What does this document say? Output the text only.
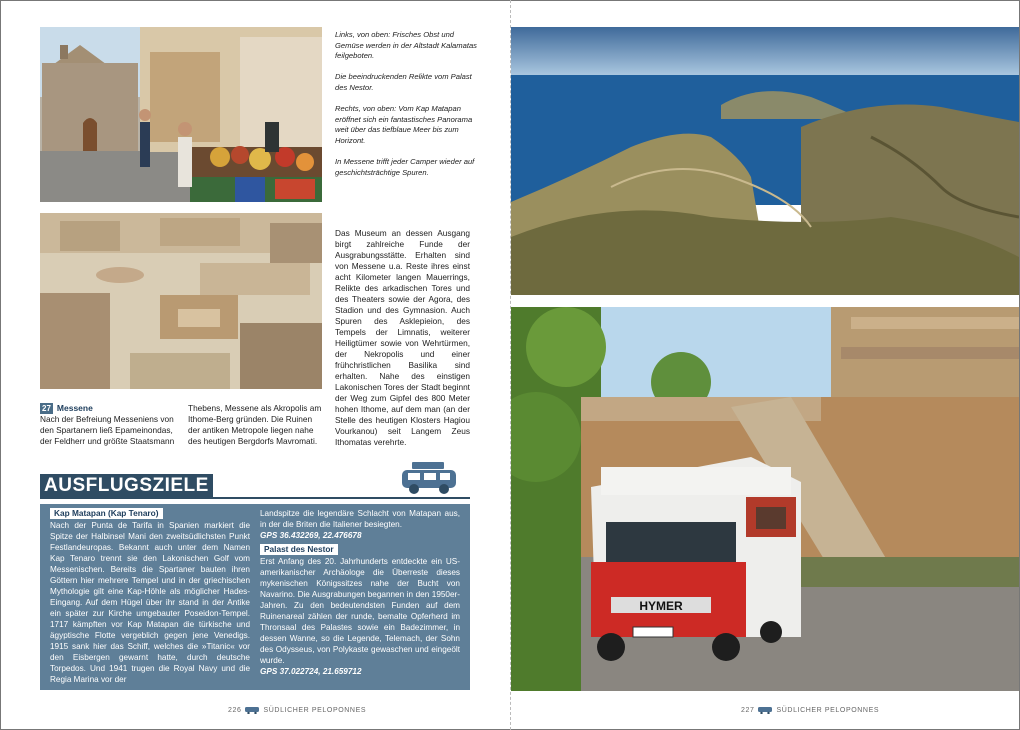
Links, von oben: Frisches Obst und Gemüse werden in der Altstadt Kalamatas feilgeboten.

Die beeindruckenden Relikte vom Palast des Nestor.

Rechts, von oben: Vom Kap Matapan eröffnet sich ein fantastisches Panorama weit über das tiefblaue Meer bis zum Horizont.

In Messene trifft jeder Camper wieder auf geschichtsträchtige Spuren.

27 Messene
Nach der Befreiung Messeniens von den Spartanern ließ Epameinondas, der Feldherr und größte Staatsmann
Thebens, Messene als Akropolis am Ithome-Berg gründen. Die Ruinen der antiken Metropole liegen nahe des heutigen Bergdorfs Mavromati.
Das Museum an dessen Ausgang birgt zahlreiche Funde der Ausgrabungsstätte. Erhalten sind von Messene u.a. Reste ihres einst acht Kilometer langen Mauerrings, Relikte des arkadischen Tores und des Theaters sowie der Agora, des Stadion und des Gymnasion. Auch Spuren des Asklepieion, des Tempels der Limnatis, weiterer Heiligtümer sowie von Wehrtürmen, der Nekropolis und einer frühchristlichen Basilika sind erhalten. Nahe des einstigen Lakonischen Tores der Stadt beginnt der Weg zum Gipfel des 800 Meter hohen Ithome, auf dem man (an der Stelle des heutigen Klosters Hagiou Vourkanou) seit Langem Zeus Ithomatas verehrte.
AUSFLUGSZIELE
Kap Matapan (Kap Tenaro)
Nach der Punta de Tarifa in Spanien markiert die Spitze der Halbinsel Mani den zweitsüdlichsten Punkt Festlandeuropas. Bekannt auch unter dem Namen Kap Tenaro trennt sie den Lakonischen Golf vom Messenischen. Bereits die Spartaner bauten ihren Göttern hier mehrere Tempel und in der griechischen Mythologie gilt eine Kap-Höhle als möglicher Hades-Eingang. Auf dem Hügel über ihr stand in der Antike ein später zur Kirche umgebauter Poseidon-Tempel. 1717 kämpften vor Kap Matapan die türkische und ägyptische Flotte vergeblich gegen jene Venedigs. 1915 sank hier das Schiff, welches die »Titanic« vor den Eisbergen gewarnt hatte, durch deutsche Torpedos. Und 1941 trugen die Royal Navy und die Regia Marina vor der
Landspitze die legendäre Schlacht von Matapan aus, in der die Briten die Italiener besiegten.
GPS 36.432269, 22.476678
Palast des Nestor
Erst Anfang des 20. Jahrhunderts entdeckte ein US-amerikanischer Archäologe die Überreste dieses mykenischen Königssitzes nahe der Bucht von Navarino. Die Ausgrabungen begannen in den 1950er-Jahren. Zu den bedeutendsten Funden auf dem Ruinenareal zählen der runde, bemalte Opferherd im Thronsaal des Palastes sowie ein Badezimmer, in dessen Wanne, so die Legende, Telemach, der Sohn des Odysseus, von Polykaste gewaschen und eingeölt wurde.
GPS 37.022724, 21.659712
HYMER
226	SÜDLICHER PELOPONNES	227	SÜDLICHER PELOPONNES
